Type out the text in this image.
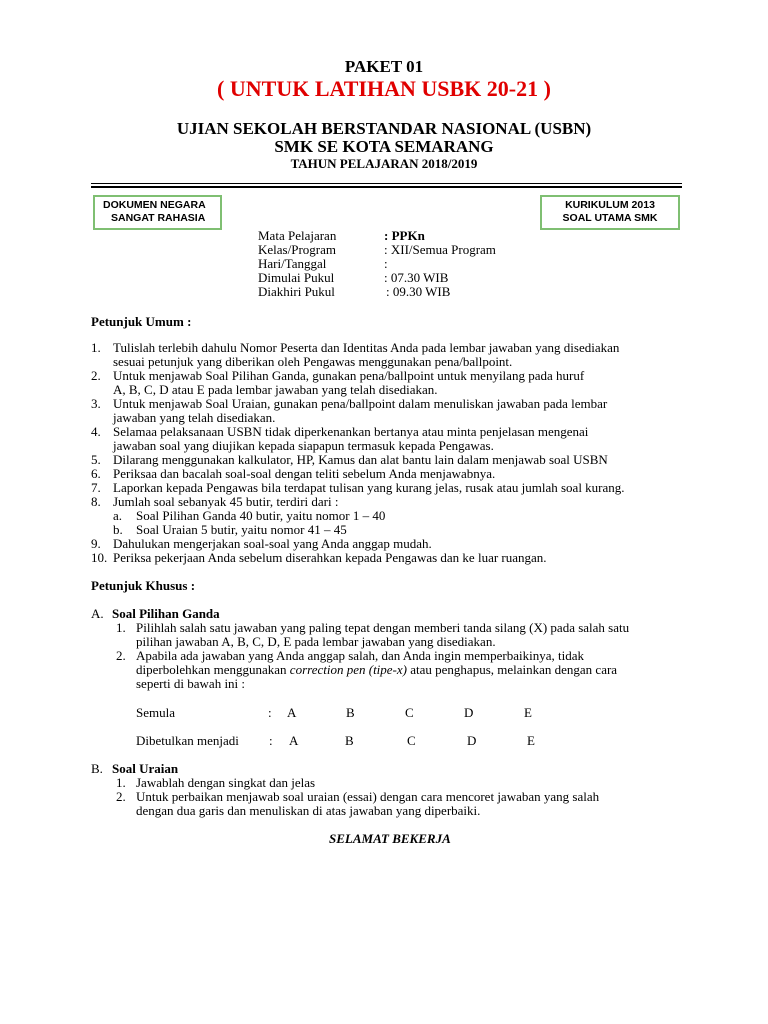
PAKET 01
( UNTUK LATIHAN USBK 20-21 )
UJIAN SEKOLAH BERSTANDAR NASIONAL (USBN)
SMK SE KOTA SEMARANG
TAHUN PELAJARAN 2018/2019
DOKUMEN NEGARA
SANGAT RAHASIA
KURIKULUM 2013
SOAL UTAMA SMK
Mata Pelajaran	: PPKn
Kelas/Program	: XII/Semua Program
Hari/Tanggal	:
Dimulai Pukul	: 07.30 WIB
Diakhiri Pukul	: 09.30 WIB
Petunjuk Umum :
1. Tulislah terlebih dahulu Nomor Peserta dan Identitas Anda pada lembar jawaban yang disediakan
sesuai petunjuk yang diberikan oleh Pengawas menggunakan pena/ballpoint.
2. Untuk menjawab Soal Pilihan Ganda, gunakan pena/ballpoint untuk menyilang pada huruf
A, B, C, D atau E pada lembar jawaban yang telah disediakan.
3. Untuk menjawab Soal Uraian, gunakan pena/ballpoint dalam menuliskan jawaban pada lembar
jawaban yang telah disediakan.
4. Selamaa pelaksanaan USBN tidak diperkenankan bertanya atau minta penjelasan mengenai
jawaban soal yang diujikan kepada siapapun termasuk kepada Pengawas.
5. Dilarang menggunakan kalkulator, HP, Kamus dan alat bantu lain dalam menjawab soal USBN
6. Periksaa dan bacalah soal-soal dengan teliti sebelum Anda menjawabnya.
7. Laporkan kepada Pengawas bila terdapat tulisan yang kurang jelas, rusak atau jumlah soal kurang.
8. Jumlah soal sebanyak 45 butir, terdiri dari :
a. Soal Pilihan Ganda 40 butir, yaitu nomor 1 – 40
b. Soal Uraian 5 butir, yaitu nomor 41 – 45
9. Dahulukan mengerjakan soal-soal yang Anda anggap mudah.
10. Periksa pekerjaan Anda sebelum diserahkan kepada Pengawas dan ke luar ruangan.
Petunjuk Khusus :
A. Soal Pilihan Ganda
1. Pilihlah salah satu jawaban yang paling tepat dengan memberi tanda silang (X) pada salah satu
pilihan jawaban A, B, C, D, E pada lembar jawaban yang disediakan.
2. Apabila ada jawaban yang Anda anggap salah, dan Anda ingin memperbaikinya, tidak
diperbolehkan menggunakan correction pen (tipe-x) atau penghapus, melainkan dengan cara
seperti di bawah ini :
Semula	: A	B	C	D	E
Dibetulkan menjadi : A	B	C	D	E
B. Soal Uraian
1. Jawablah dengan singkat dan jelas
2. Untuk perbaikan menjawab soal uraian (essai) dengan cara mencoret jawaban yang salah
dengan dua garis dan menuliskan di atas jawaban yang diperbaiki.
SELAMAT BEKERJA
